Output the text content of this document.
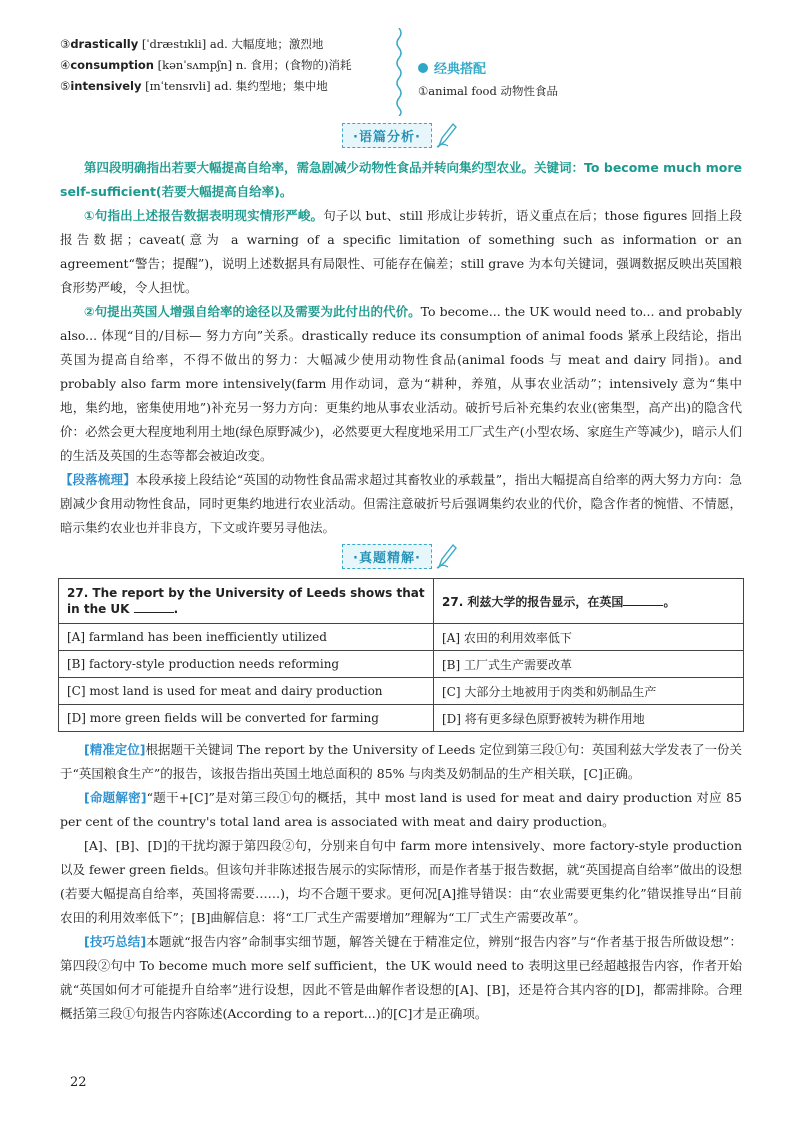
③drastically [ˈdræstɪkli] ad. 大幅度地；激烈地
④consumption [kənˈsʌmpʃn] n. 食用；(食物的)消耗
⑤intensively [ɪnˈtensɪvli] ad. 集约型地；集中地
经典搭配
①animal food 动物性食品
·语篇分析·

第四段明确指出若要大幅提高自给率，需急剧减少动物性食品并转向集约型农业。关键词：To become much more self-sufficient(若要大幅提高自给率)。

①句指出上述报告数据表明现实情形严峻。句子以 but、still 形成让步转折，语义重点在后；those figures 回指上段报告数据；caveat(意为 a warning of a specific limitation of something such as information or an agreement“警告；提醒”)，说明上述数据具有局限性、可能存在偏差；still grave 为本句关键词，强调数据反映出英国粮食形势严峻，令人担忧。

②句提出英国人增强自给率的途径以及需要为此付出的代价。To become... the UK would need to... and probably also... 体现“目的/目标— 努力方向”关系。drastically reduce its consumption of animal foods 紧承上段结论，指出英国为提高自给率，不得不做出的努力：大幅减少使用动物性食品(animal foods 与 meat and dairy 同指)。and probably also farm more intensively(farm 用作动词，意为“耕种，养殖，从事农业活动”；intensively 意为“集中地，集约地，密集使用地”)补充另一努力方向：更集约地从事农业活动。破折号后补充集约农业(密集型，高产出)的隐含代价：必然会更大程度地利用土地(绿色原野减少)，必然要更大程度地采用工厂式生产(小型农场、家庭生产等减少)，暗示人们的生活及英国的生态等都会被迫改变。

【段落梳理】本段承接上段结论“英国的动物性食品需求超过其畜牧业的承载量”，指出大幅提高自给率的两大努力方向：急剧减少食用动物性食品，同时更集约地进行农业活动。但需注意破折号后强调集约农业的代价，隐含作者的惋惜、不情愿，暗示集约农业也并非良方，下文或许要另寻他法。

·真题精解·
27. The report by the University of Leeds shows that in the UK .	27. 利兹大学的报告显示，在英国 。
[A] farmland has been inefficiently utilized	[A] 农田的利用效率低下
[B] factory-style production needs reforming	[B] 工厂式生产需要改革
[C] most land is used for meat and dairy production	[C] 大部分土地被用于肉类和奶制品生产
[D] more green fields will be converted for farming	[D] 将有更多绿色原野被转为耕作用地

[精准定位]根据题干关键词 The report by the University of Leeds 定位到第三段①句：英国利兹大学发表了一份关于“英国粮食生产”的报告，该报告指出英国土地总面积的 85% 与肉类及奶制品的生产相关联，[C]正确。

[命题解密]“题干+[C]”是对第三段①句的概括，其中 most land is used for meat and dairy production 对应 85 per cent of the country's total land area is associated with meat and dairy production。

[A]、[B]、[D]的干扰均源于第四段②句，分别来自句中 farm more intensively、more factory-style production 以及 fewer green fields。但该句并非陈述报告展示的实际情形，而是作者基于报告数据，就“英国提高自给率”做出的设想(若要大幅提高自给率，英国将需要……)，均不合题干要求。更何况[A]推导错误：由“农业需要更集约化”错误推导出“目前农田的利用效率低下”；[B]曲解信息：将“工厂式生产需要增加”理解为“工厂式生产需要改革”。

[技巧总结]本题就“报告内容”命制事实细节题，解答关键在于精准定位，辨别“报告内容”与“作者基于报告所做设想”：第四段②句中 To become much more self sufficient，the UK would need to 表明这里已经超越报告内容，作者开始就“英国如何才可能提升自给率”进行设想，因此不管是曲解作者设想的[A]、[B]，还是符合其内容的[D]，都需排除。合理概括第三段①句报告内容陈述(According to a report...)的[C]才是正确项。

22
